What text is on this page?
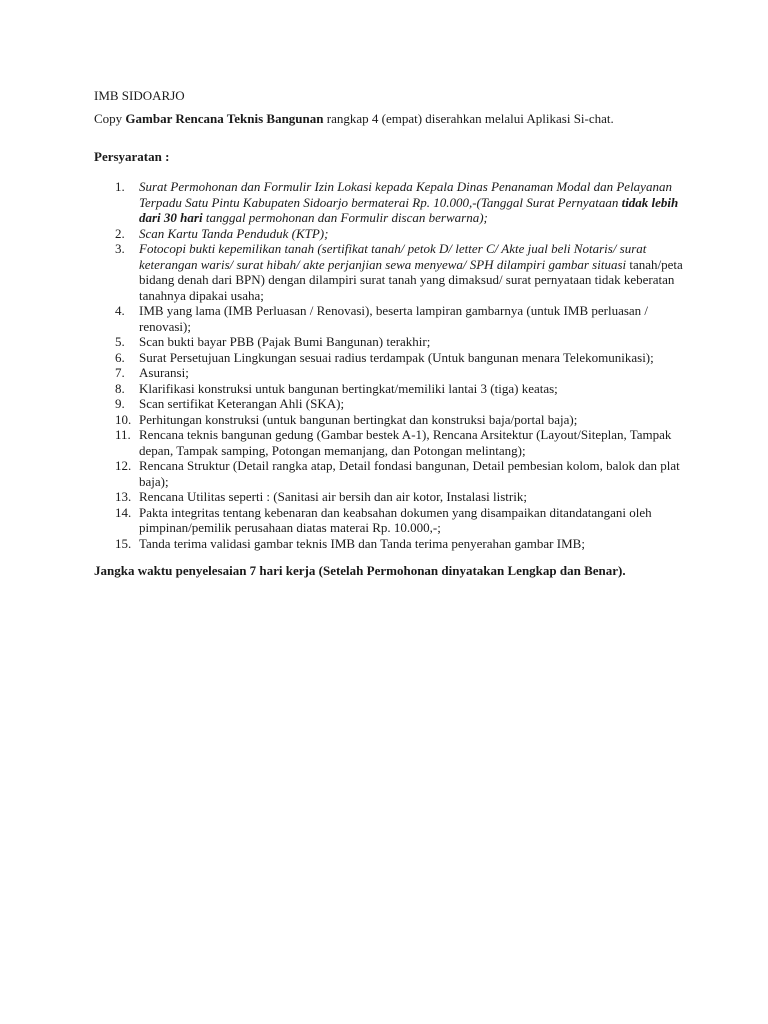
IMB SIDOARJO

Copy Gambar Rencana Teknis Bangunan rangkap 4 (empat) diserahkan melalui Aplikasi Si-chat.

Persyaratan :

1. Surat Permohonan dan Formulir Izin Lokasi kepada Kepala Dinas Penanaman Modal dan Pelayanan Terpadu Satu Pintu Kabupaten Sidoarjo bermaterai Rp. 10.000,-(Tanggal Surat Pernyataan tidak lebih dari 30 hari tanggal permohonan dan Formulir discan berwarna);
2. Scan Kartu Tanda Penduduk (KTP);
3. Fotocopi bukti kepemilikan tanah (sertifikat tanah/ petok D/ letter C/ Akte jual beli Notaris/ surat keterangan waris/ surat hibah/ akte perjanjian sewa menyewa/ SPH dilampiri gambar situasi tanah/peta bidang denah dari BPN) dengan dilampiri surat tanah yang dimaksud/ surat pernyataan tidak keberatan tanahnya dipakai usaha;
4. IMB yang lama (IMB Perluasan / Renovasi), beserta lampiran gambarnya (untuk IMB perluasan / renovasi);
5. Scan bukti bayar PBB (Pajak Bumi Bangunan) terakhir;
6. Surat Persetujuan Lingkungan sesuai radius terdampak (Untuk bangunan menara Telekomunikasi);
7. Asuransi;
8. Klarifikasi konstruksi untuk bangunan bertingkat/memiliki lantai 3 (tiga) keatas;
9. Scan sertifikat Keterangan Ahli (SKA);
10. Perhitungan konstruksi (untuk bangunan bertingkat dan konstruksi baja/portal baja);
11. Rencana teknis bangunan gedung (Gambar bestek A-1), Rencana Arsitektur (Layout/Siteplan, Tampak depan, Tampak samping, Potongan memanjang, dan Potongan melintang);
12. Rencana Struktur (Detail rangka atap, Detail fondasi bangunan, Detail pembesian kolom, balok dan plat baja);
13. Rencana Utilitas seperti : (Sanitasi air bersih dan air kotor, Instalasi listrik;
14. Pakta integritas tentang kebenaran dan keabsahan dokumen yang disampaikan ditandatangani oleh pimpinan/pemilik perusahaan diatas materai Rp. 10.000,-;
15. Tanda terima validasi gambar teknis IMB dan Tanda terima penyerahan gambar IMB;

Jangka waktu penyelesaian 7 hari kerja (Setelah Permohonan dinyatakan Lengkap dan Benar).
